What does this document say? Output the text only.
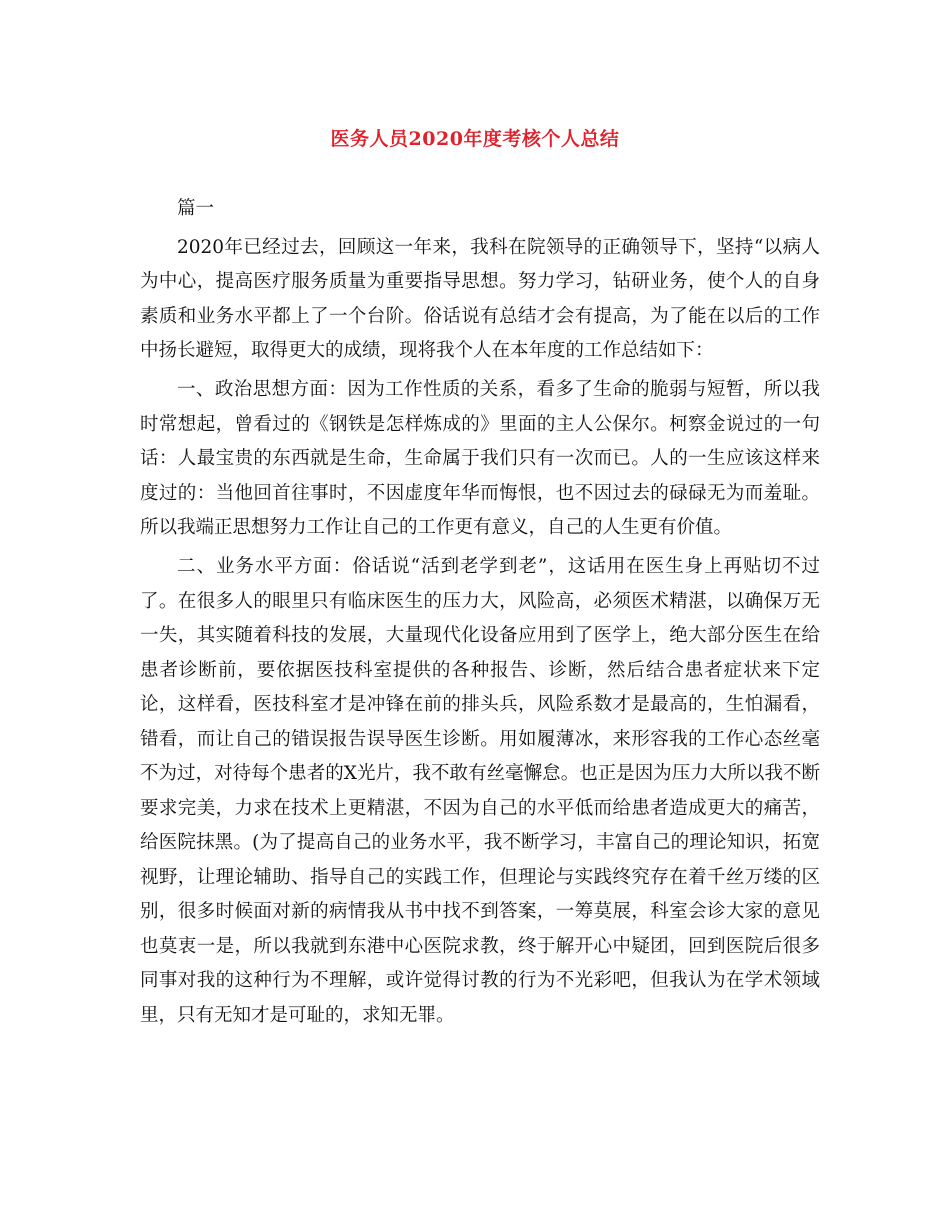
医务人员2020年度考核个人总结

篇一

2020年已经过去，回顾这一年来，我科在院领导的正确领导下，坚持“以病人为中心，提高医疗服务质量为重要指导思想。努力学习，钻研业务，使个人的自身素质和业务水平都上了一个台阶。俗话说有总结才会有提高，为了能在以后的工作中扬长避短，取得更大的成绩，现将我个人在本年度的工作总结如下：

一、政治思想方面：因为工作性质的关系，看多了生命的脆弱与短暂，所以我时常想起，曾看过的《钢铁是怎样炼成的》里面的主人公保尔。柯察金说过的一句话：人最宝贵的东西就是生命，生命属于我们只有一次而已。人的一生应该这样来度过的：当他回首往事时，不因虚度年华而悔恨，也不因过去的碌碌无为而羞耻。所以我端正思想努力工作让自己的工作更有意义，自己的人生更有价值。

二、业务水平方面：俗话说“活到老学到老”，这话用在医生身上再贴切不过了。在很多人的眼里只有临床医生的压力大，风险高，必须医术精湛，以确保万无一失，其实随着科技的发展，大量现代化设备应用到了医学上，绝大部分医生在给患者诊断前，要依据医技科室提供的各种报告、诊断，然后结合患者症状来下定论，这样看，医技科室才是冲锋在前的排头兵，风险系数才是最高的，生怕漏看，错看，而让自己的错误报告误导医生诊断。用如履薄冰，来形容我的工作心态丝毫不为过，对待每个患者的X光片，我不敢有丝毫懈怠。也正是因为压力大所以我不断要求完美，力求在技术上更精湛，不因为自己的水平低而给患者造成更大的痛苦，给医院抹黑。(为了提高自己的业务水平，我不断学习，丰富自己的理论知识，拓宽视野，让理论辅助、指导自己的实践工作，但理论与实践终究存在着千丝万缕的区别，很多时候面对新的病情我从书中找不到答案，一筹莫展，科室会诊大家的意见也莫衷一是，所以我就到东港中心医院求教，终于解开心中疑团，回到医院后很多同事对我的这种行为不理解，或许觉得讨教的行为不光彩吧，但我认为在学术领域里，只有无知才是可耻的，求知无罪。
